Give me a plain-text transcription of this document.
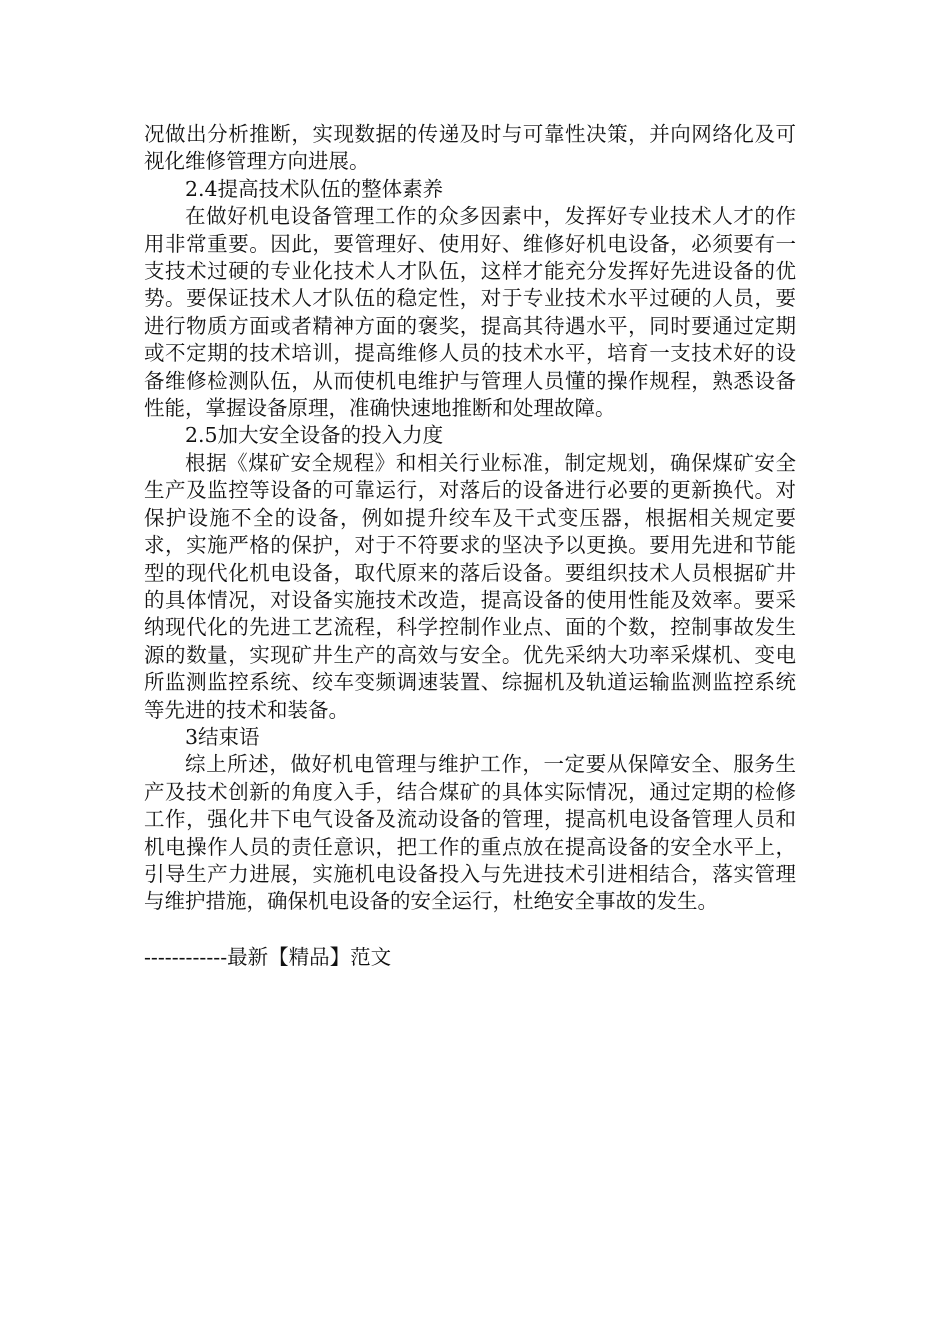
况做出分析推断，实现数据的传递及时与可靠性决策，并向网络化及可视化维修管理方向进展。

2.4提高技术队伍的整体素养

在做好机电设备管理工作的众多因素中，发挥好专业技术人才的作用非常重要。因此，要管理好、使用好、维修好机电设备，必须要有一支技术过硬的专业化技术人才队伍，这样才能充分发挥好先进设备的优势。要保证技术人才队伍的稳定性，对于专业技术水平过硬的人员，要进行物质方面或者精神方面的褒奖，提高其待遇水平，同时要通过定期或不定期的技术培训，提高维修人员的技术水平，培育一支技术好的设备维修检测队伍，从而使机电维护与管理人员懂的操作规程，熟悉设备性能，掌握设备原理，准确快速地推断和处理故障。

2.5加大安全设备的投入力度

根据《煤矿安全规程》和相关行业标准，制定规划，确保煤矿安全生产及监控等设备的可靠运行，对落后的设备进行必要的更新换代。对保护设施不全的设备，例如提升绞车及干式变压器，根据相关规定要求，实施严格的保护，对于不符要求的坚决予以更换。要用先进和节能型的现代化机电设备，取代原来的落后设备。要组织技术人员根据矿井的具体情况，对设备实施技术改造，提高设备的使用性能及效率。要采纳现代化的先进工艺流程，科学控制作业点、面的个数，控制事故发生源的数量，实现矿井生产的高效与安全。优先采纳大功率采煤机、变电所监测监控系统、绞车变频调速装置、综掘机及轨道运输监测监控系统等先进的技术和装备。

3结束语

综上所述，做好机电管理与维护工作，一定要从保障安全、服务生产及技术创新的角度入手，结合煤矿的具体实际情况，通过定期的检修工作，强化井下电气设备及流动设备的管理，提高机电设备管理人员和机电操作人员的责任意识，把工作的重点放在提高设备的安全水平上，引导生产力进展，实施机电设备投入与先进技术引进相结合，落实管理与维护措施，确保机电设备的安全运行，杜绝安全事故的发生。

------------最新【精品】范文
